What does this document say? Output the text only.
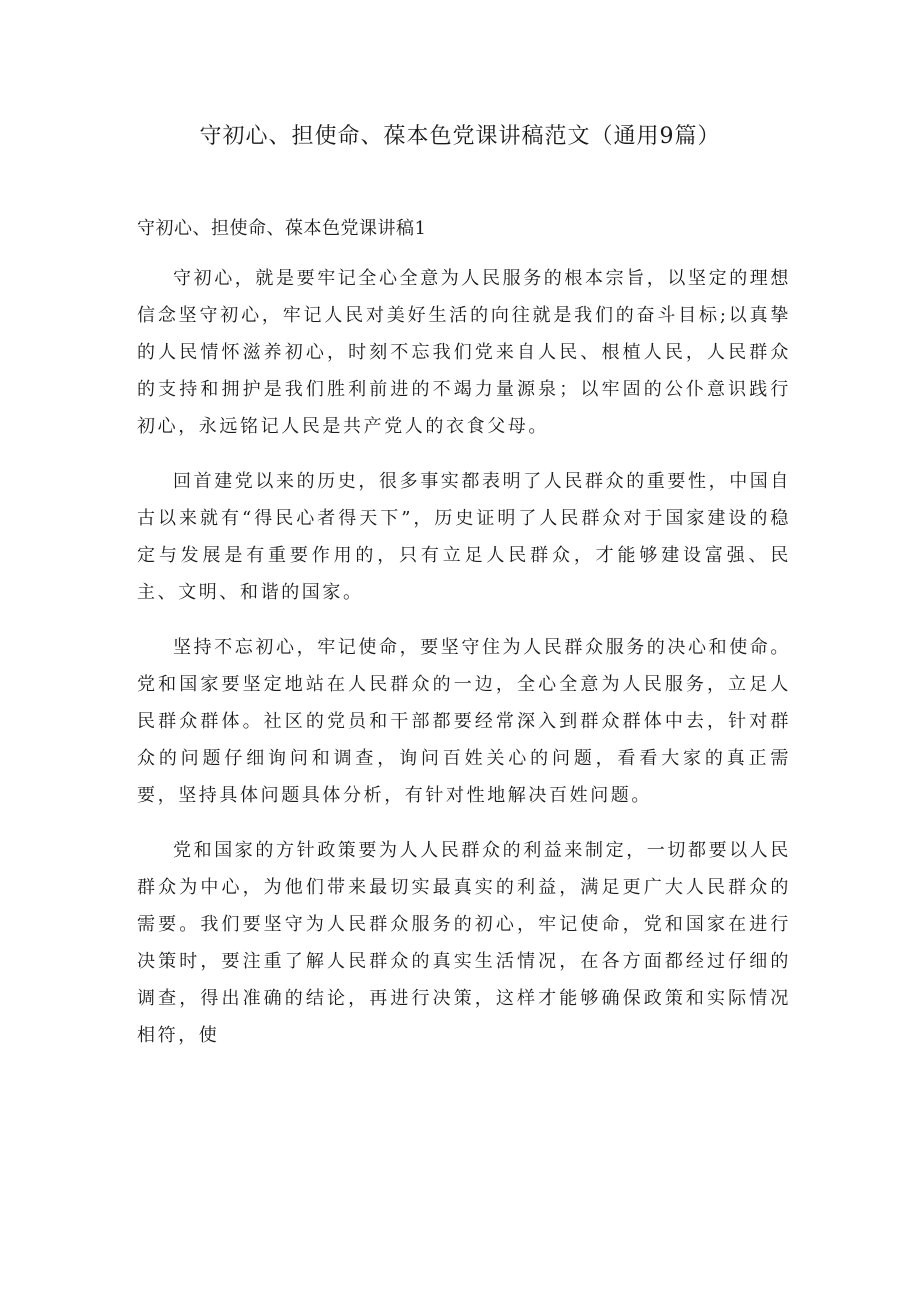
守初心、担使命、葆本色党课讲稿范文（通用9篇）
守初心、担使命、葆本色党课讲稿1

守初心，就是要牢记全心全意为人民服务的根本宗旨，以坚定的理想信念坚守初心，牢记人民对美好生活的向往就是我们的奋斗目标;以真挚的人民情怀滋养初心，时刻不忘我们党来自人民、根植人民，人民群众的支持和拥护是我们胜利前进的不竭力量源泉；以牢固的公仆意识践行初心，永远铭记人民是共产党人的衣食父母。

回首建党以来的历史，很多事实都表明了人民群众的重要性，中国自古以来就有“得民心者得天下”，历史证明了人民群众对于国家建设的稳定与发展是有重要作用的，只有立足人民群众，才能够建设富强、民主、文明、和谐的国家。

坚持不忘初心，牢记使命，要坚守住为人民群众服务的决心和使命。党和国家要坚定地站在人民群众的一边，全心全意为人民服务，立足人民群众群体。社区的党员和干部都要经常深入到群众群体中去，针对群众的问题仔细询问和调查，询问百姓关心的问题，看看大家的真正需要，坚持具体问题具体分析，有针对性地解决百姓问题。

党和国家的方针政策要为人人民群众的利益来制定，一切都要以人民群众为中心，为他们带来最切实最真实的利益，满足更广大人民群众的需要。我们要坚守为人民群众服务的初心，牢记使命，党和国家在进行决策时，要注重了解人民群众的真实生活情况，在各方面都经过仔细的调查，得出准确的结论，再进行决策，这样才能够确保政策和实际情况相符，使
